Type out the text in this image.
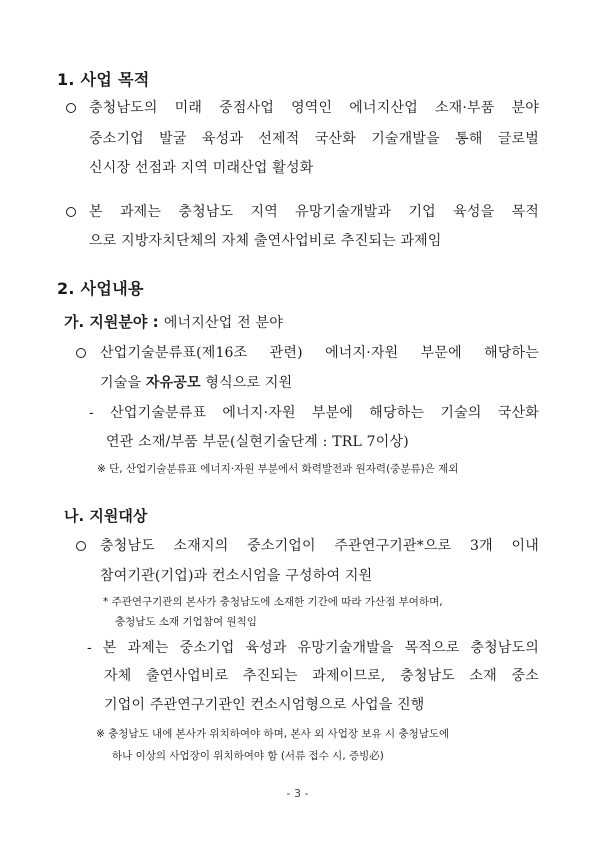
1. 사업 목적
충청남도의 미래 중점사업 영역인 에너지산업 소재·부품 분야
중소기업 발굴 육성과 선제적 국산화 기술개발을 통해 글로벌
신시장 선점과 지역 미래산업 활성화
본 과제는 충청남도 지역 유망기술개발과 기업 육성을 목적
으로 지방자치단체의 자체 출연사업비로 추진되는 과제임
2. 사업내용
가. 지원분야 : 에너지산업 전 분야
산업기술분류표(제16조 관련) 에너지·자원 부문에 해당하는
기술을 자유공모 형식으로 지원
- 산업기술분류표 에너지·자원 부분에 해당하는 기술의 국산화
연관 소재/부품 부문(실현기술단계 : TRL 7이상)
※ 단, 산업기술분류표 에너지·자원 부분에서 화력발전과 원자력(중분류)은 제외
나. 지원대상
충청남도 소재지의 중소기업이 주관연구기관*으로 3개 이내
참여기관(기업)과 컨소시엄을 구성하여 지원
* 주관연구기관의 본사가 충청남도에 소재한 기간에 따라 가산점 부여하며,
충청남도 소재 기업참여 원칙임
- 본 과제는 중소기업 육성과 유망기술개발을 목적으로 충청남도의
자체 출연사업비로 추진되는 과제이므로, 충청남도 소재 중소
기업이 주관연구기관인 컨소시엄형으로 사업을 진행
※ 충청남도 내에 본사가 위치하여야 하며, 본사 외 사업장 보유 시 충청남도에
하나 이상의 사업장이 위치하여야 함 (서류 접수 시, 증빙必)
- 3 -
